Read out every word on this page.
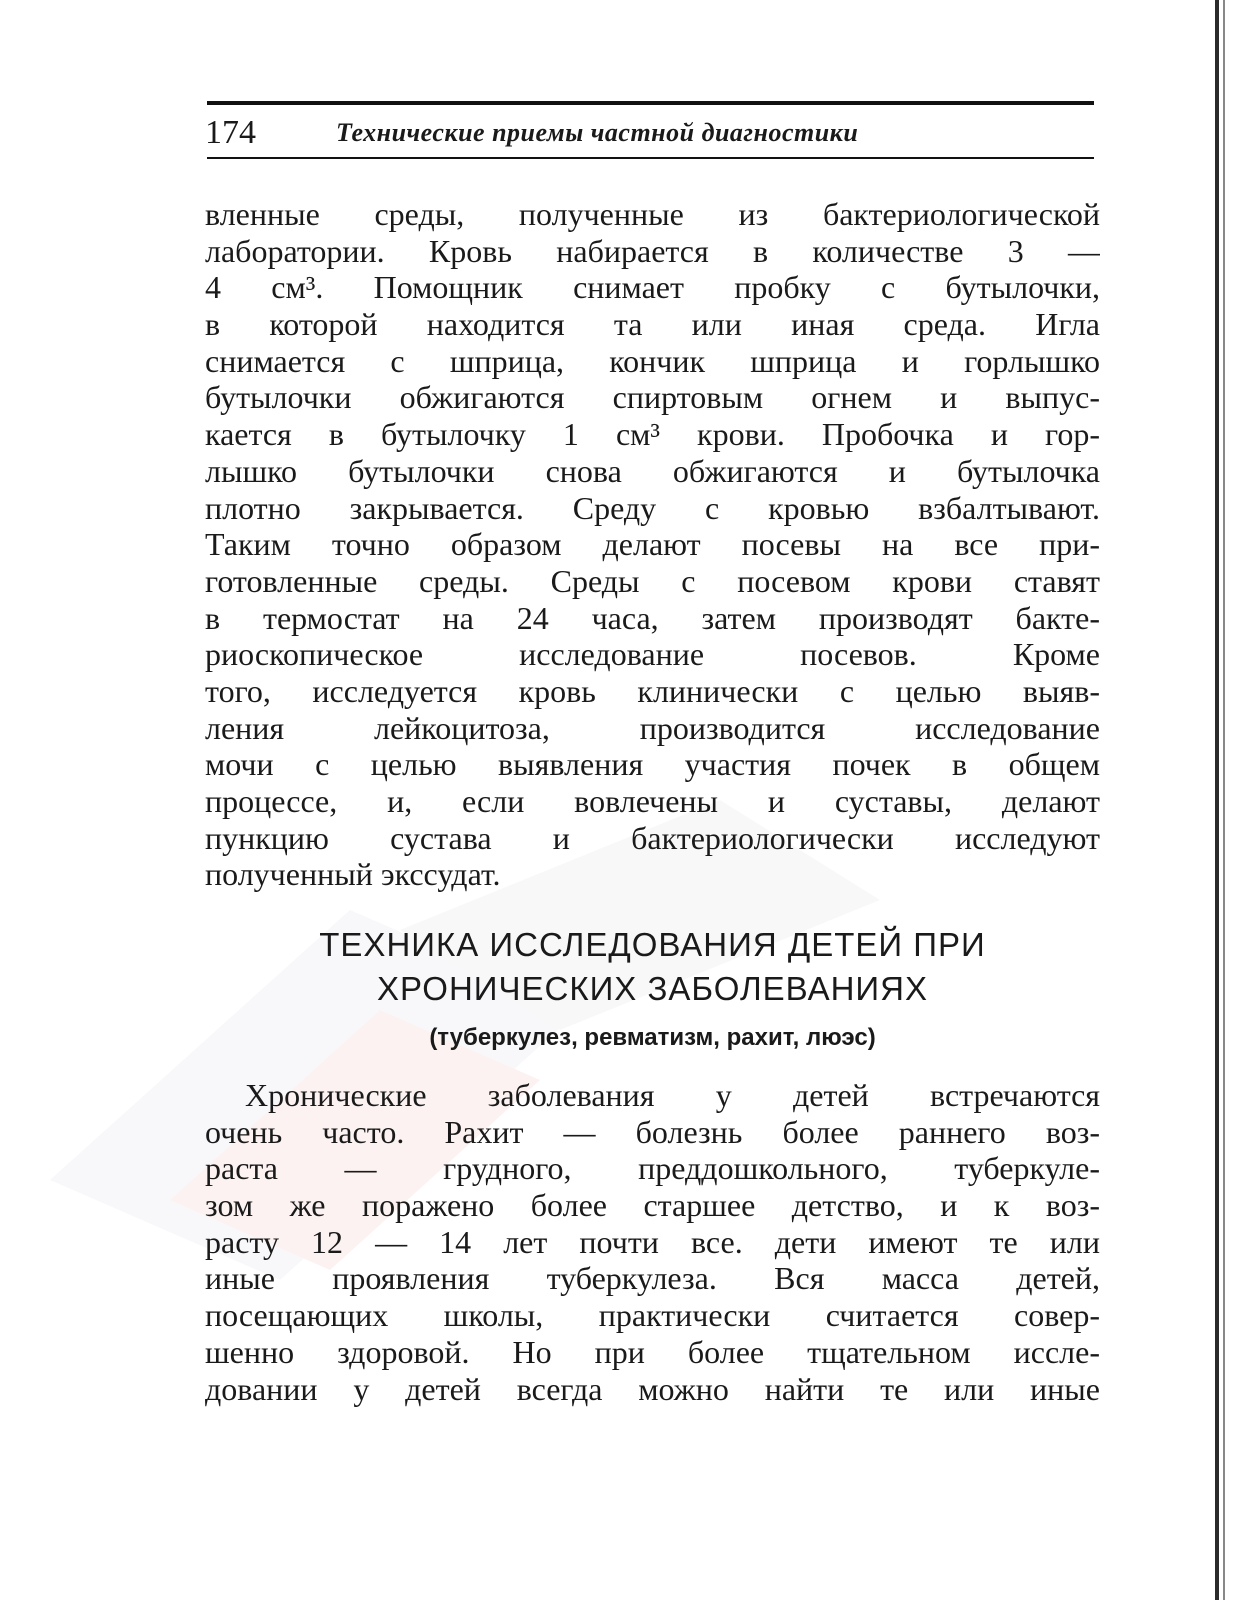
174	Технические приемы частной диагностики
вленные среды, полученные из бактериологической
лаборатории. Кровь набирается в количестве 3 —
4 см³. Помощник снимает пробку с бутылочки,
в которой находится та или иная среда. Игла
снимается с шприца, кончик шприца и горлышко
бутылочки обжигаются спиртовым огнем и выпус-
кается в бутылочку 1 см³ крови. Пробочка и гор-
лышко бутылочки снова обжигаются и бутылочка
плотно закрывается. Среду с кровью взбалтывают.
Таким точно образом делают посевы на все при-
готовленные среды. Среды с посевом крови ставят
в термостат на 24 часа, затем производят бакте-
риоскопическое исследование посевов. Кроме
того, исследуется кровь клинически с целью выяв-
ления лейкоцитоза, производится исследование
мочи с целью выявления участия почек в общем
процессе, и, если вовлечены и суставы, делают
пункцию сустава и бактериологически исследуют
полученный экссудат.
ТЕХНИКА ИССЛЕДОВАНИЯ ДЕТЕЙ ПРИ
ХРОНИЧЕСКИХ ЗАБОЛЕВАНИЯХ
(туберкулез, ревматизм, рахит, люэс)
Хронические заболевания у детей встречаются
очень часто. Рахит — болезнь более раннего воз-
раста — грудного, преддошкольного, туберкуле-
зом же поражено более старшее детство, и к воз-
расту 12 — 14 лет почти все. дети имеют те или
иные проявления туберкулеза. Вся масса детей,
посещающих школы, практически считается совер-
шенно здоровой. Но при более тщательном иссле-
довании у детей всегда можно найти те или иные
